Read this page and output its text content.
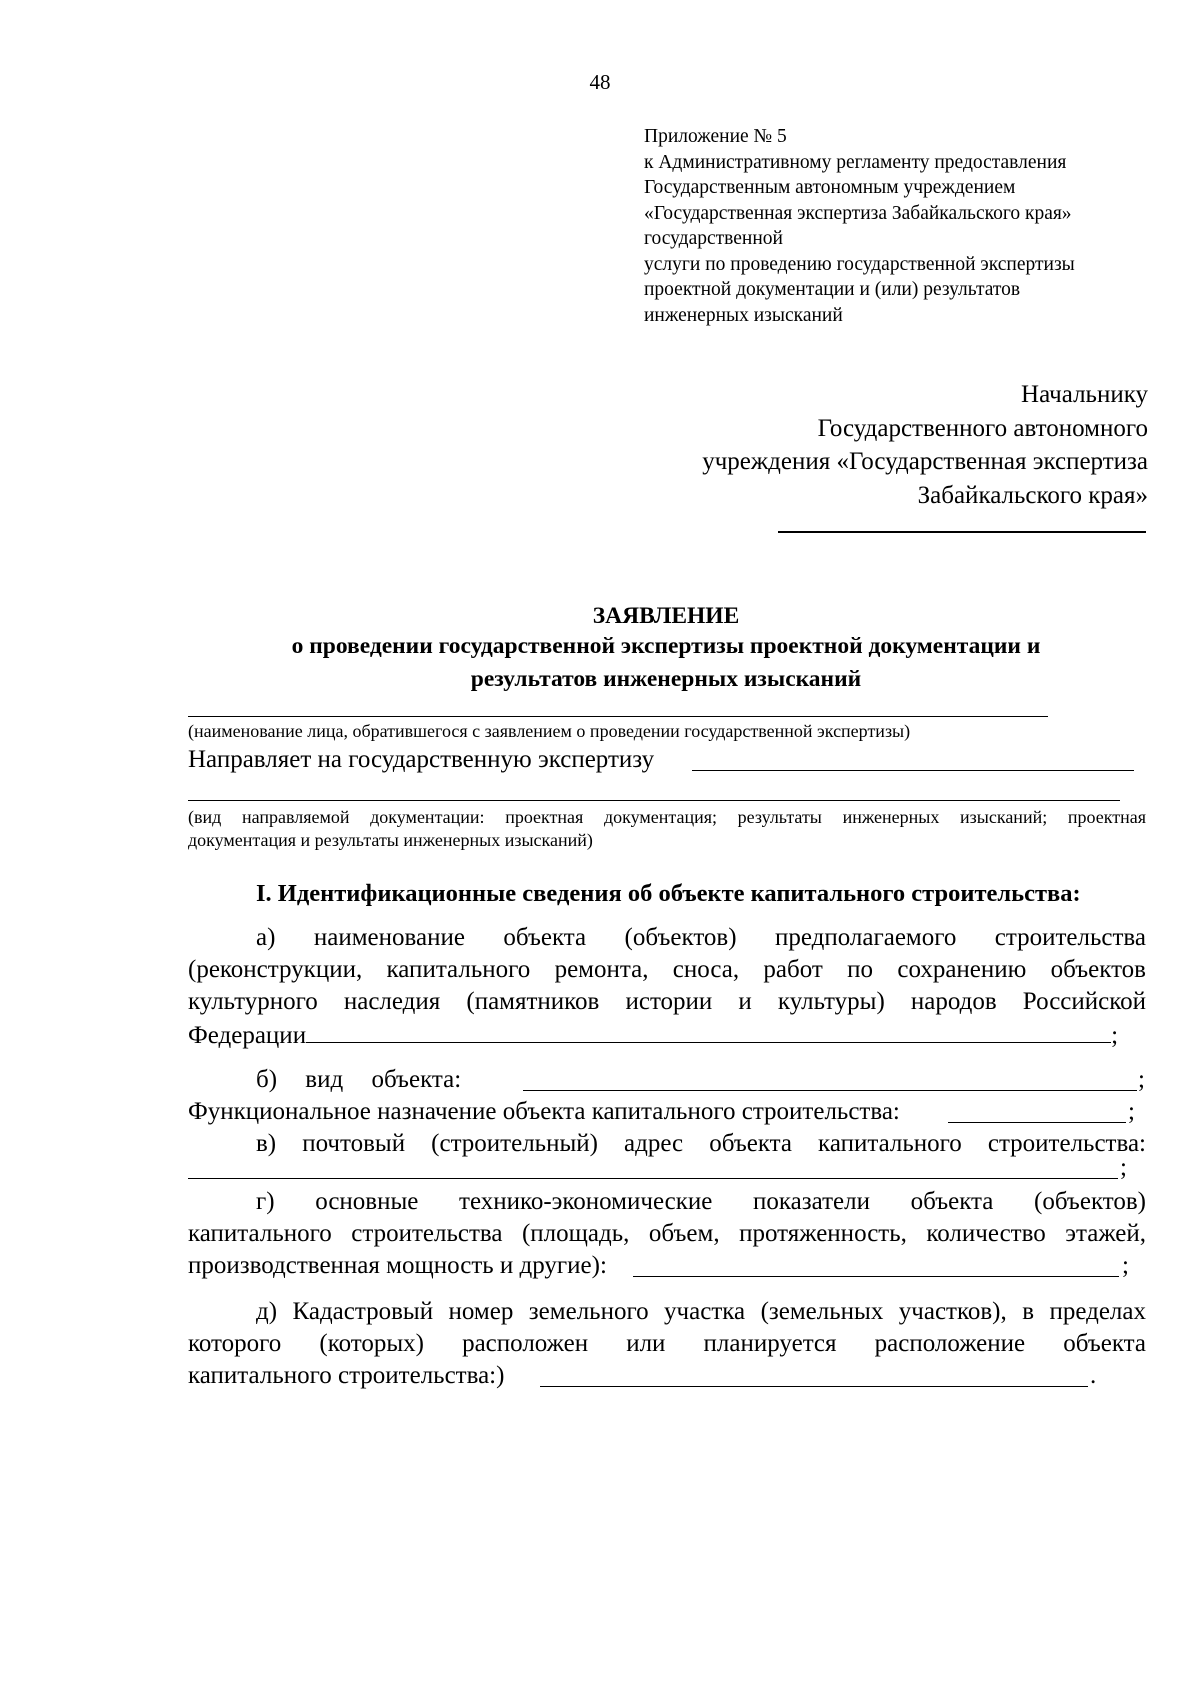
48
Приложение № 5
к Административному регламенту предоставления
Государственным автономным учреждением
«Государственная экспертиза Забайкальского края»
государственной
услуги по проведению государственной экспертизы
проектной документации и (или) результатов
инженерных изысканий
Начальнику
Государственного автономного
учреждения «Государственная экспертиза
Забайкальского края»
ЗАЯВЛЕНИЕ
о проведении государственной экспертизы проектной документации и
результатов инженерных изысканий
(наименование лица, обратившегося с заявлением о проведении государственной экспертизы)
Направляет на государственную экспертизу
(вид направляемой документации: проектная документация; результаты инженерных изысканий; проектная
документация и результаты инженерных изысканий)
I. Идентификационные сведения об объекте капитального строительства:
а) наименование объекта (объектов) предполагаемого строительства
(реконструкции, капитального ремонта, сноса, работ по сохранению объектов
культурного наследия (памятников истории и культуры) народов Российской
Федерации	;
б) вид объекта:	;
Функциональное назначение объекта капитального строительства:	;
в) почтовый (строительный) адрес объекта капитального строительства:
;
г) основные технико-экономические показатели объекта (объектов)
капитального строительства (площадь, объем, протяженность, количество этажей,
производственная мощность и другие):	;
д) Кадастровый номер земельного участка (земельных участков), в пределах
которого (которых) расположен или планируется расположение объекта
капитального строительства:)	.
